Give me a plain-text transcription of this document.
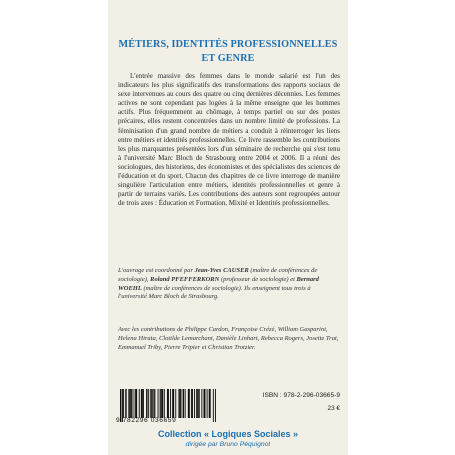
MÉTIERS, IDENTITÉS PROFESSIONNELLES
ET GENRE

L'entrée massive des femmes dans le monde salarié est l'un des indicateurs les plus significatifs des transformations des rapports sociaux de sexe intervenues au cours des quatre ou cinq dernières décennies. Les femmes actives ne sont cependant pas logées à la même enseigne que les hommes actifs. Plus fréquemment au chômage, à temps partiel ou sur des postes précaires, elles restent concentrées dans un nombre limité de professions. La féminisation d'un grand nombre de métiers a conduit à réinterroger les liens entre métiers et identités professionnelles. Ce livre rassemble les contributions les plus marquantes présentées lors d'un séminaire de recherche qui s'est tenu à l'université Marc Bloch de Strasbourg entre 2004 et 2006. Il a réuni des sociologues, des historiens, des économistes et des spécialistes des sciences de l'éducation et du sport. Chacun des chapitres de ce livre interroge de manière singulière l'articulation entre métiers, identités professionnelles et genre à partir de terrains variés. Les contributions des auteurs sont regroupées autour de trois axes : Éducation et Formation, Mixité et Identités professionnelles.

L'ouvrage est coordonné par Jean-Yves CAUSER (maître de conférences de sociologie), Roland PFEFFERKORN (professeur de sociologie) et Bernard WOEHL (maître de conférences de sociologie). Ils enseignent tous trois à l'université Marc Bloch de Strasbourg.

Avec les contributions de Philippe Cardon, Françoise Crézé, William Gasparini, Helena Hirata, Clotilde Lemarchant, Danièle Linhart, Rebecca Rogers, Josette Trat, Emmanuel Triby, Pierre Tripier et Christian Trotzier.

9 782296 036659
ISBN : 978-2-296-03665-9
23 €
Collection « Logiques Sociales »
dirigée par Bruno Péquignot
